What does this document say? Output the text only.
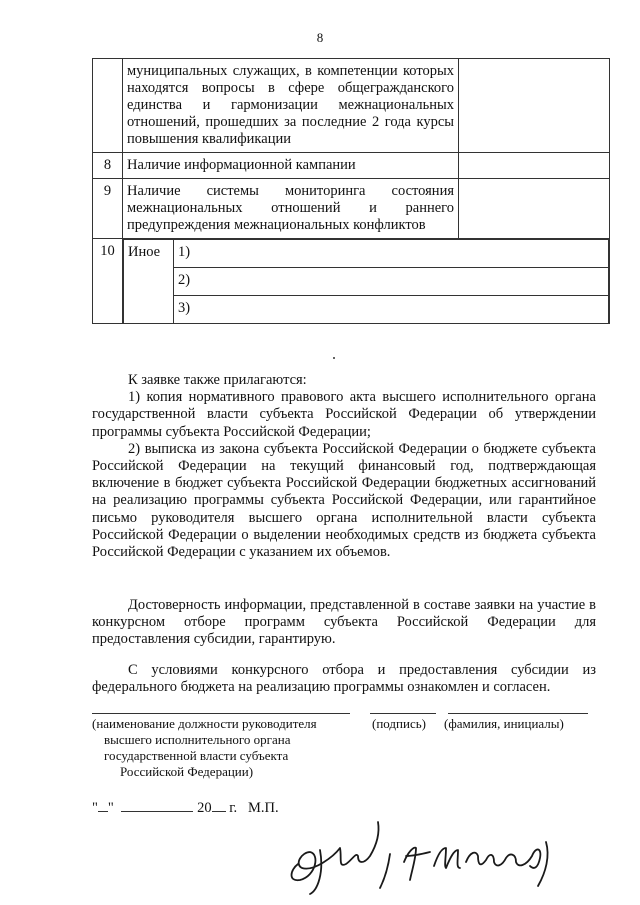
8
	муниципальных служащих, в компетенции которых находятся вопросы в сфере общегражданского единства и гармонизации межнациональных отношений, прошедших за последние 2 года курсы повышения квалификации	
8	Наличие информационной кампании	
9	Наличие системы мониторинга состояния межнациональных отношений и раннего предупреждения межнациональных конфликтов	
10	Иное	1)
2)
3)

К заявке также прилагаются:

1) копия нормативного правового акта высшего исполнительного органа государственной власти субъекта Российской Федерации об утверждении программы субъекта Российской Федерации;

2) выписка из закона субъекта Российской Федерации о бюджете субъекта Российской Федерации на текущий финансовый год, подтверждающая включение в бюджет субъекта Российской Федерации бюджетных ассигнований на реализацию программы субъекта Российской Федерации, или гарантийное письмо руководителя высшего органа исполнительной власти субъекта Российской Федерации о выделении необходимых средств из бюджета субъекта Российской Федерации с указанием их объемов.

Достоверность информации, представленной в составе заявки на участие в конкурсном отборе программ субъекта Российской Федерации для предоставления субсидии, гарантирую.

С условиями конкурсного отбора и предоставления субсидии из федерального бюджета на реализацию программы ознакомлен и согласен.

(наименование должности руководителя
высшего исполнительного органа
государственной власти субъекта
Российской Федерации)
(подпись) (фамилия, инициалы)
" "	20 г. М.П.
